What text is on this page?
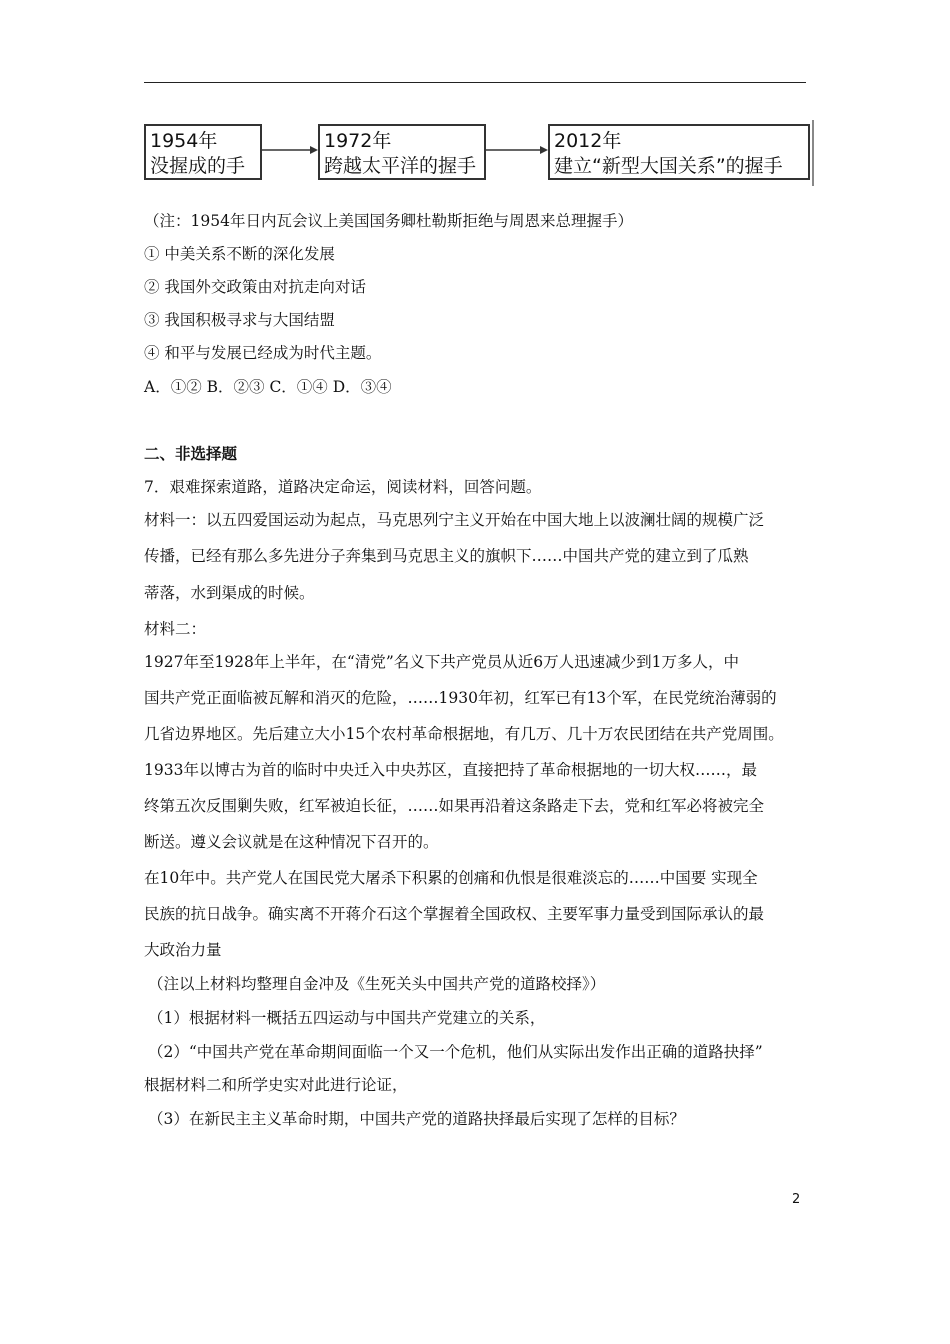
1954年
没握成的手
1972年
跨越太平洋的握手
2012年
建立“新型大国关系”的握手
（注：1954年日内瓦会议上美国国务卿杜勒斯拒绝与周恩来总理握手）
① 中美关系不断的深化发展
② 我国外交政策由对抗走向对话
③ 我国积极寻求与大国结盟
④ 和平与发展已经成为时代主题。
A．①② B．②③ C．①④ D．③④
二、非选择题
7．艰难探索道路，道路决定命运，阅读材料，回答问题。
材料一：以五四爱国运动为起点，马克思列宁主义开始在中国大地上以波澜壮阔的规模广泛
传播，已经有那么多先进分子奔集到马克思主义的旗帜下……中国共产党的建立到了瓜熟
蒂落，水到渠成的时候。
材料二：
1927年至1928年上半年，在“清党”名义下共产党员从近6万人迅速减少到1万多人，中
国共产党正面临被瓦解和消灭的危险，……1930年初，红军已有13个军，在民党统治薄弱的
几省边界地区。先后建立大小15个农村革命根据地，有几万、几十万农民团结在共产党周围。
1933年以博古为首的临时中央迁入中央苏区，直接把持了革命根据地的一切大权……，最
终第五次反围剿失败，红军被迫长征，……如果再沿着这条路走下去，党和红军必将被完全
断送。遵义会议就是在这种情况下召开的。
在10年中。共产党人在国民党大屠杀下积累的创痛和仇恨是很难淡忘的……中国要 实现全
民族的抗日战争。确实离不开蒋介石这个掌握着全国政权、主要军事力量受到国际承认的最
大政治力量
（注以上材料均整理自金冲及《生死关头中国共产党的道路校择》）
（1）根据材料一概括五四运动与中国共产党建立的关系，
（2）“中国共产党在革命期间面临一个又一个危机，他们从实际出发作出正确的道路抉择”
根据材料二和所学史实对此进行论证，
（3）在新民主主义革命时期，中国共产党的道路抉择最后实现了怎样的目标？
2
